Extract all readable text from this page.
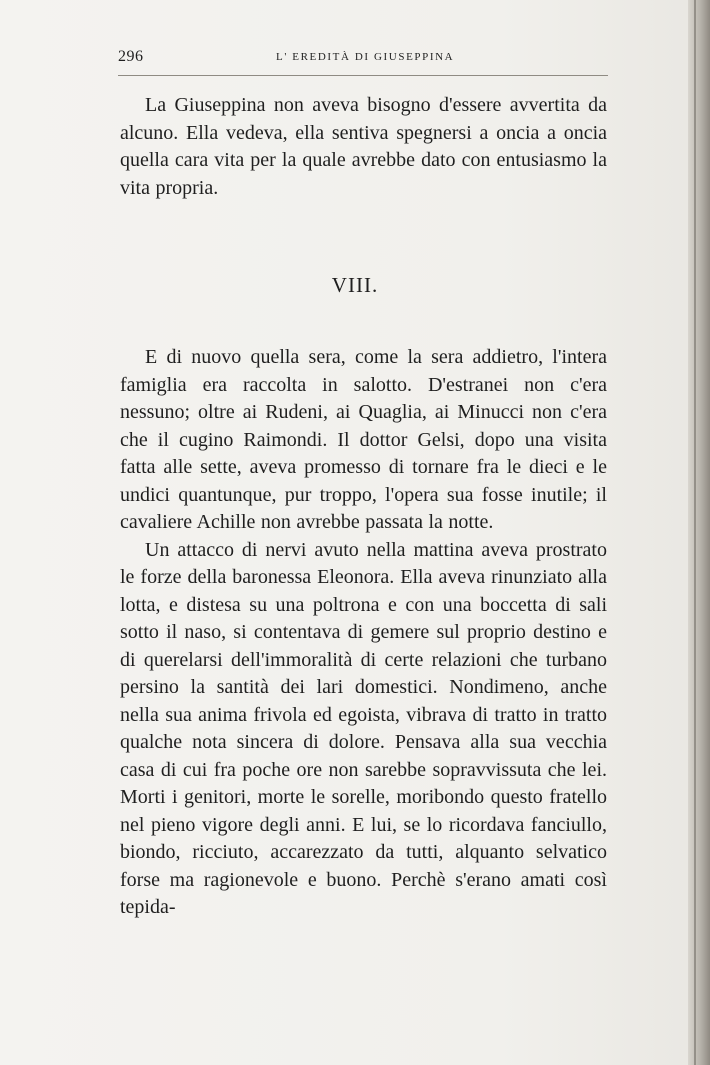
296	L' EREDITÀ DI GIUSEPPINA

La Giuseppina non aveva bisogno d'essere avvertita da alcuno. Ella vedeva, ella sentiva spegnersi a oncia a oncia quella cara vita per la quale avrebbe dato con entusiasmo la vita propria.

VIII.

E di nuovo quella sera, come la sera addietro, l'intera famiglia era raccolta in salotto. D'estranei non c'era nessuno; oltre ai Rudeni, ai Quaglia, ai Minucci non c'era che il cugino Raimondi. Il dottor Gelsi, dopo una visita fatta alle sette, aveva promesso di tornare fra le dieci e le undici quantunque, pur troppo, l'opera sua fosse inutile; il cavaliere Achille non avrebbe passata la notte.

Un attacco di nervi avuto nella mattina aveva prostrato le forze della baronessa Eleonora. Ella aveva rinunziato alla lotta, e distesa su una poltrona e con una boccetta di sali sotto il naso, si contentava di gemere sul proprio destino e di querelarsi dell'immoralità di certe relazioni che turbano persino la santità dei lari domestici. Nondimeno, anche nella sua anima frivola ed egoista, vibrava di tratto in tratto qualche nota sincera di dolore. Pensava alla sua vecchia casa di cui fra poche ore non sarebbe sopravvissuta che lei. Morti i genitori, morte le sorelle, moribondo questo fratello nel pieno vigore degli anni. E lui, se lo ricordava fanciullo, biondo, ricciuto, accarezzato da tutti, alquanto selvatico forse ma ragionevole e buono. Perchè s'erano amati così tepida-
